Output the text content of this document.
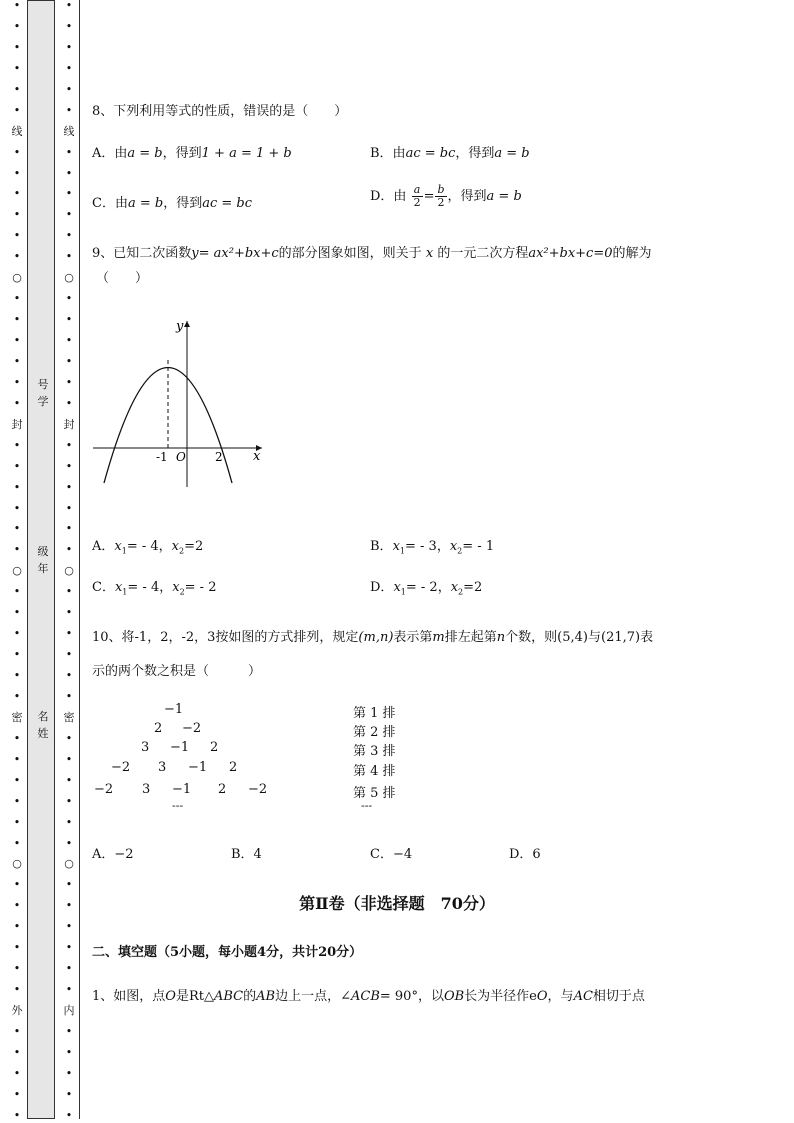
•
•
•
•
•
•
线
•
•
•
•
•
•
○
•
•
•
•
•
•
封
•
•
•
•
•
•
○
•
•
•
•
•
•
密
•
•
•
•
•
•
○
•
•
•
•
•
•
外
•
•
•
•
•
号
学
级
年
名
姓
•
•
•
•
•
•
线
•
•
•
•
•
•
○
•
•
•
•
•
•
封
•
•
•
•
•
•
○
•
•
•
•
•
•
密
•
•
•
•
•
•
○
•
•
•
•
•
•
内
•
•
•
•
•
8、下列利用等式的性质，错误的是（　　）
A．由a = b，得到1 + a = 1 + b	B．由ac = bc，得到a = b
C．由a = b，得到ac = bc	D．由 $\frac{a}{2} = \frac{b}{2}$ ，得到a = b
9、已知二次函数y= ax²+bx+c的部分图象如图，则关于 x 的一元二次方程ax²+bx+c=0的解为
（　　）
y
x
O
-1	2
A．$x_1= - 4$，$x_2=2$	B．$x_1= - 3$，$x_2= - 1$
C．$x_1= - 4$，$x_2= - 2$	D．$x_1= - 2$，$x_2=2$
10、将-1，2，-2，3按如图的方式排列，规定(m,n)表示第m排左起第n个数，则(5,4)与(21,7)表
示的两个数之积是（　　　）
−1
2 −2
3 −1 2
−2 3 −1 2
−2 3 −1 2 −2
---
第 1 排
第 2 排
第 3 排
第 4 排
第 5 排
---
A．−2	B．4	C．−4	D．6
第Ⅱ卷（非选择题　70分）
二、填空题（5小题，每小题4分，共计20分）
1、如图，点O是Rt△ABC的AB边上一点，∠ACB= 90°，以OB长为半径作eO，与AC相切于点
